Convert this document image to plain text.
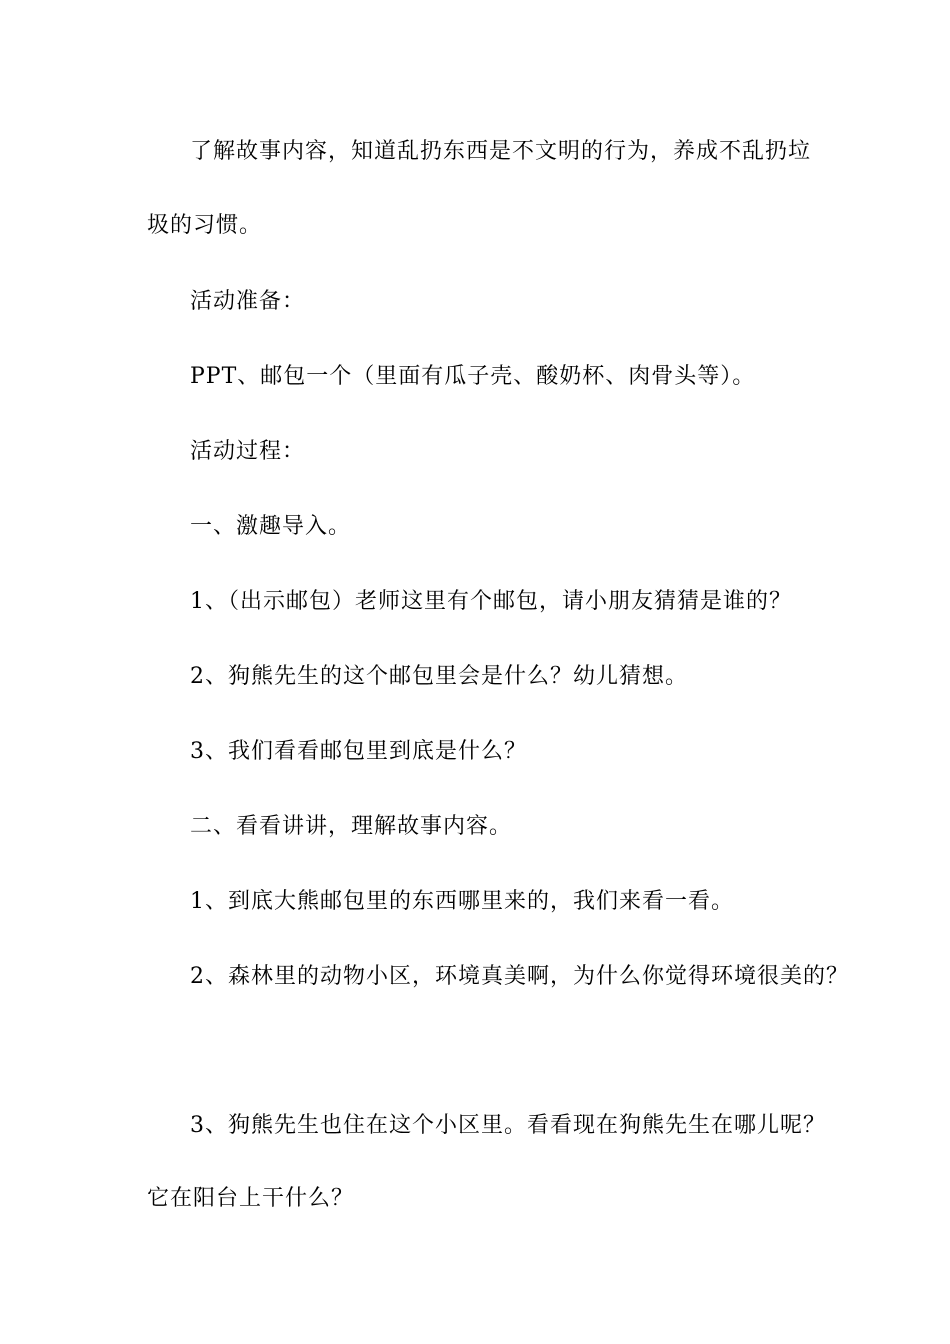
了解故事内容，知道乱扔东西是不文明的行为，养成不乱扔垃
圾的习惯。
活动准备：
PPT、邮包一个（里面有瓜子壳、酸奶杯、肉骨头等）。
活动过程：
一、激趣导入。
1、（出示邮包）老师这里有个邮包，请小朋友猜猜是谁的？
2、狗熊先生的这个邮包里会是什么？幼儿猜想。
3、我们看看邮包里到底是什么？
二、看看讲讲，理解故事内容。
1、到底大熊邮包里的东西哪里来的，我们来看一看。
2、森林里的动物小区，环境真美啊，为什么你觉得环境很美的？
3、狗熊先生也住在这个小区里。看看现在狗熊先生在哪儿呢？
它在阳台上干什么？
